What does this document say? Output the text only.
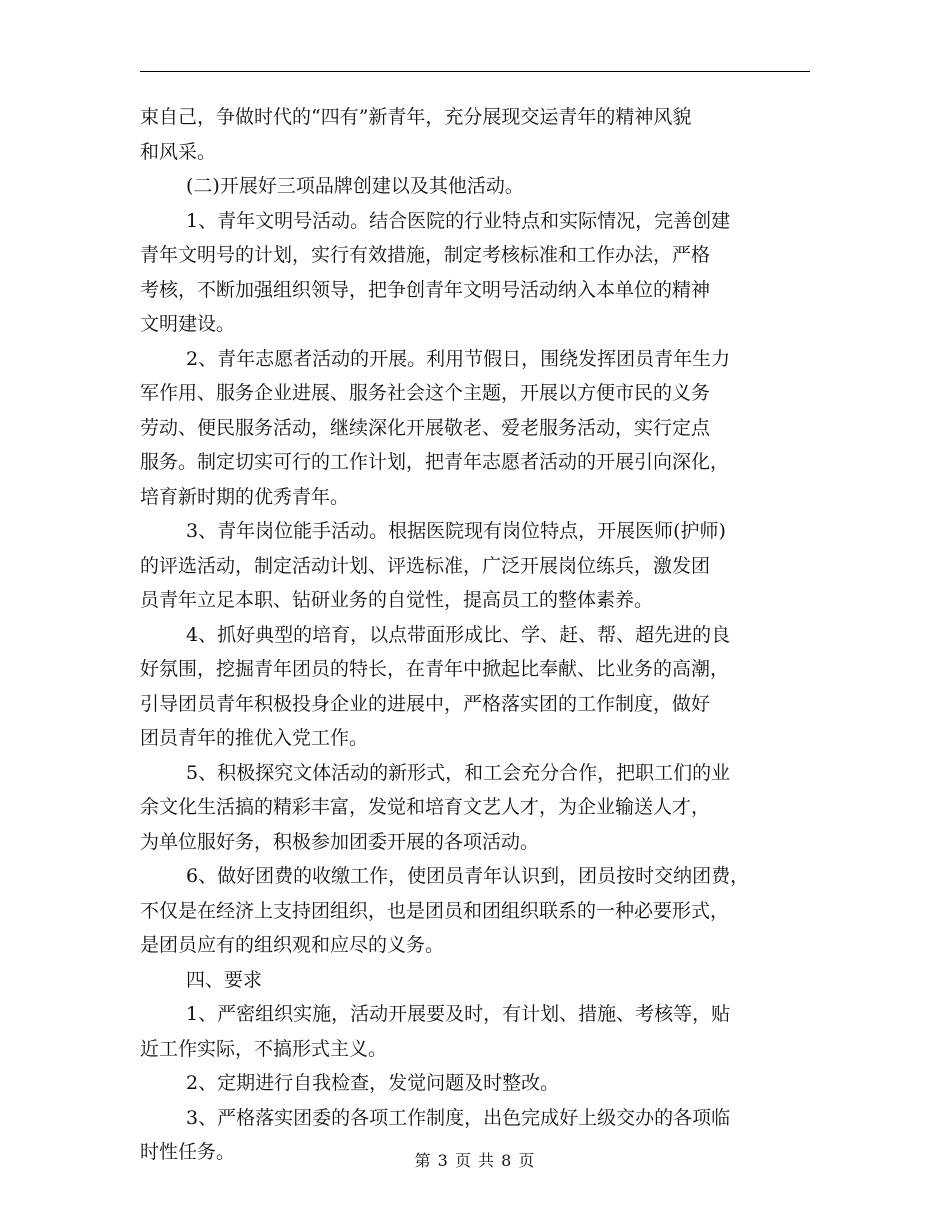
束自己，争做时代的“四有”新青年，充分展现交运青年的精神风貌
和风采。
(二)开展好三项品牌创建以及其他活动。
1、青年文明号活动。结合医院的行业特点和实际情况，完善创建
青年文明号的计划，实行有效措施，制定考核标准和工作办法，严格
考核，不断加强组织领导，把争创青年文明号活动纳入本单位的精神
文明建设。
2、青年志愿者活动的开展。利用节假日，围绕发挥团员青年生力
军作用、服务企业进展、服务社会这个主题，开展以方便市民的义务
劳动、便民服务活动，继续深化开展敬老、爱老服务活动，实行定点
服务。制定切实可行的工作计划，把青年志愿者活动的开展引向深化，
培育新时期的优秀青年。
3、青年岗位能手活动。根据医院现有岗位特点，开展医师(护师)
的评选活动，制定活动计划、评选标准，广泛开展岗位练兵，激发团
员青年立足本职、钻研业务的自觉性，提高员工的整体素养。
4、抓好典型的培育，以点带面形成比、学、赶、帮、超先进的良
好氛围，挖掘青年团员的特长，在青年中掀起比奉献、比业务的高潮，
引导团员青年积极投身企业的进展中，严格落实团的工作制度，做好
团员青年的推优入党工作。
5、积极探究文体活动的新形式，和工会充分合作，把职工们的业
余文化生活搞的精彩丰富，发觉和培育文艺人才，为企业输送人才，
为单位服好务，积极参加团委开展的各项活动。
6、做好团费的收缴工作，使团员青年认识到，团员按时交纳团费，
不仅是在经济上支持团组织，也是团员和团组织联系的一种必要形式，
是团员应有的组织观和应尽的义务。
四、要求
1、严密组织实施，活动开展要及时，有计划、措施、考核等，贴
近工作实际，不搞形式主义。
2、定期进行自我检查，发觉问题及时整改。
3、严格落实团委的各项工作制度，出色完成好上级交办的各项临
时性任务。	第 3 页 共 8 页
